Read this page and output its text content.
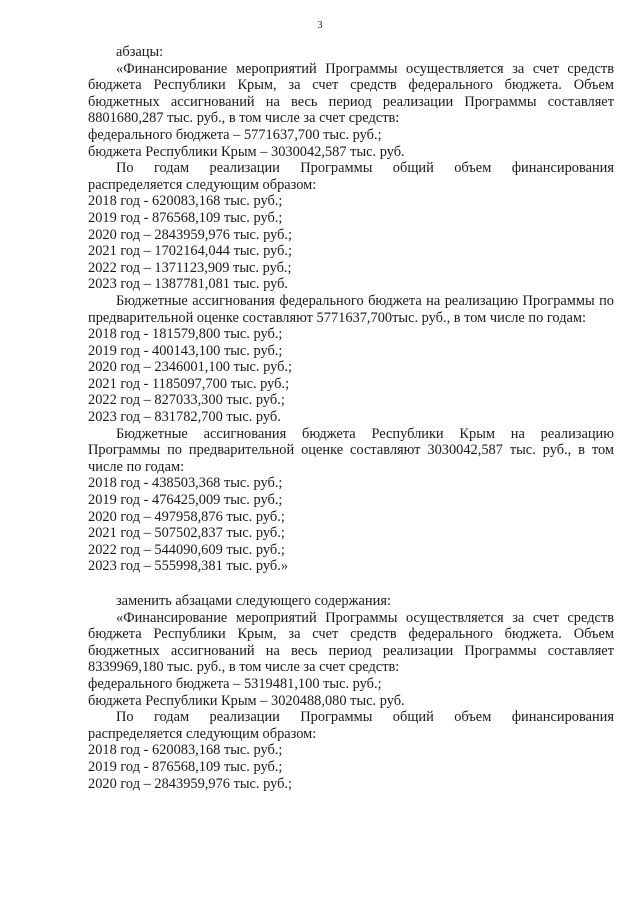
3

абзацы:

«Финансирование мероприятий Программы осуществляется за счет средств бюджета Республики Крым, за счет средств федерального бюджета. Объем бюджетных ассигнований на весь период реализации Программы составляет 8801680,287 тыс. руб., в том числе за счет средств:

федерального бюджета – 5771637,700 тыс. руб.;

бюджета Республики Крым – 3030042,587 тыс. руб.

По годам реализации Программы общий объем финансирования

распределяется следующим образом:

2018 год - 620083,168 тыс. руб.;

2019 год - 876568,109 тыс. руб.;

2020 год – 2843959,976 тыс. руб.;

2021 год – 1702164,044 тыс. руб.;

2022 год – 1371123,909 тыс. руб.;

2023 год – 1387781,081 тыс. руб.

Бюджетные ассигнования федерального бюджета на реализацию Программы по предварительной оценке составляют 5771637,700тыс. руб., в том числе по годам:

2018 год - 181579,800 тыс. руб.;

2019 год - 400143,100 тыс. руб.;

2020 год – 2346001,100 тыс. руб.;

2021 год - 1185097,700 тыс. руб.;

2022 год – 827033,300 тыс. руб.;

2023 год – 831782,700 тыс. руб.

Бюджетные ассигнования бюджета Республики Крым на реализацию Программы по предварительной оценке составляют 3030042,587 тыс. руб., в том числе по годам:

2018 год - 438503,368 тыс. руб.;

2019 год - 476425,009 тыс. руб.;

2020 год – 497958,876 тыс. руб.;

2021 год – 507502,837 тыс. руб.;

2022 год – 544090,609 тыс. руб.;

2023 год – 555998,381 тыс. руб.»

заменить абзацами следующего содержания:

«Финансирование мероприятий Программы осуществляется за счет средств бюджета Республики Крым, за счет средств федерального бюджета. Объем бюджетных ассигнований на весь период реализации Программы составляет 8339969,180 тыс. руб., в том числе за счет средств:

федерального бюджета – 5319481,100 тыс. руб.;

бюджета Республики Крым – 3020488,080 тыс. руб.

По годам реализации Программы общий объем финансирования

распределяется следующим образом:

2018 год - 620083,168 тыс. руб.;

2019 год - 876568,109 тыс. руб.;

2020 год – 2843959,976 тыс. руб.;
